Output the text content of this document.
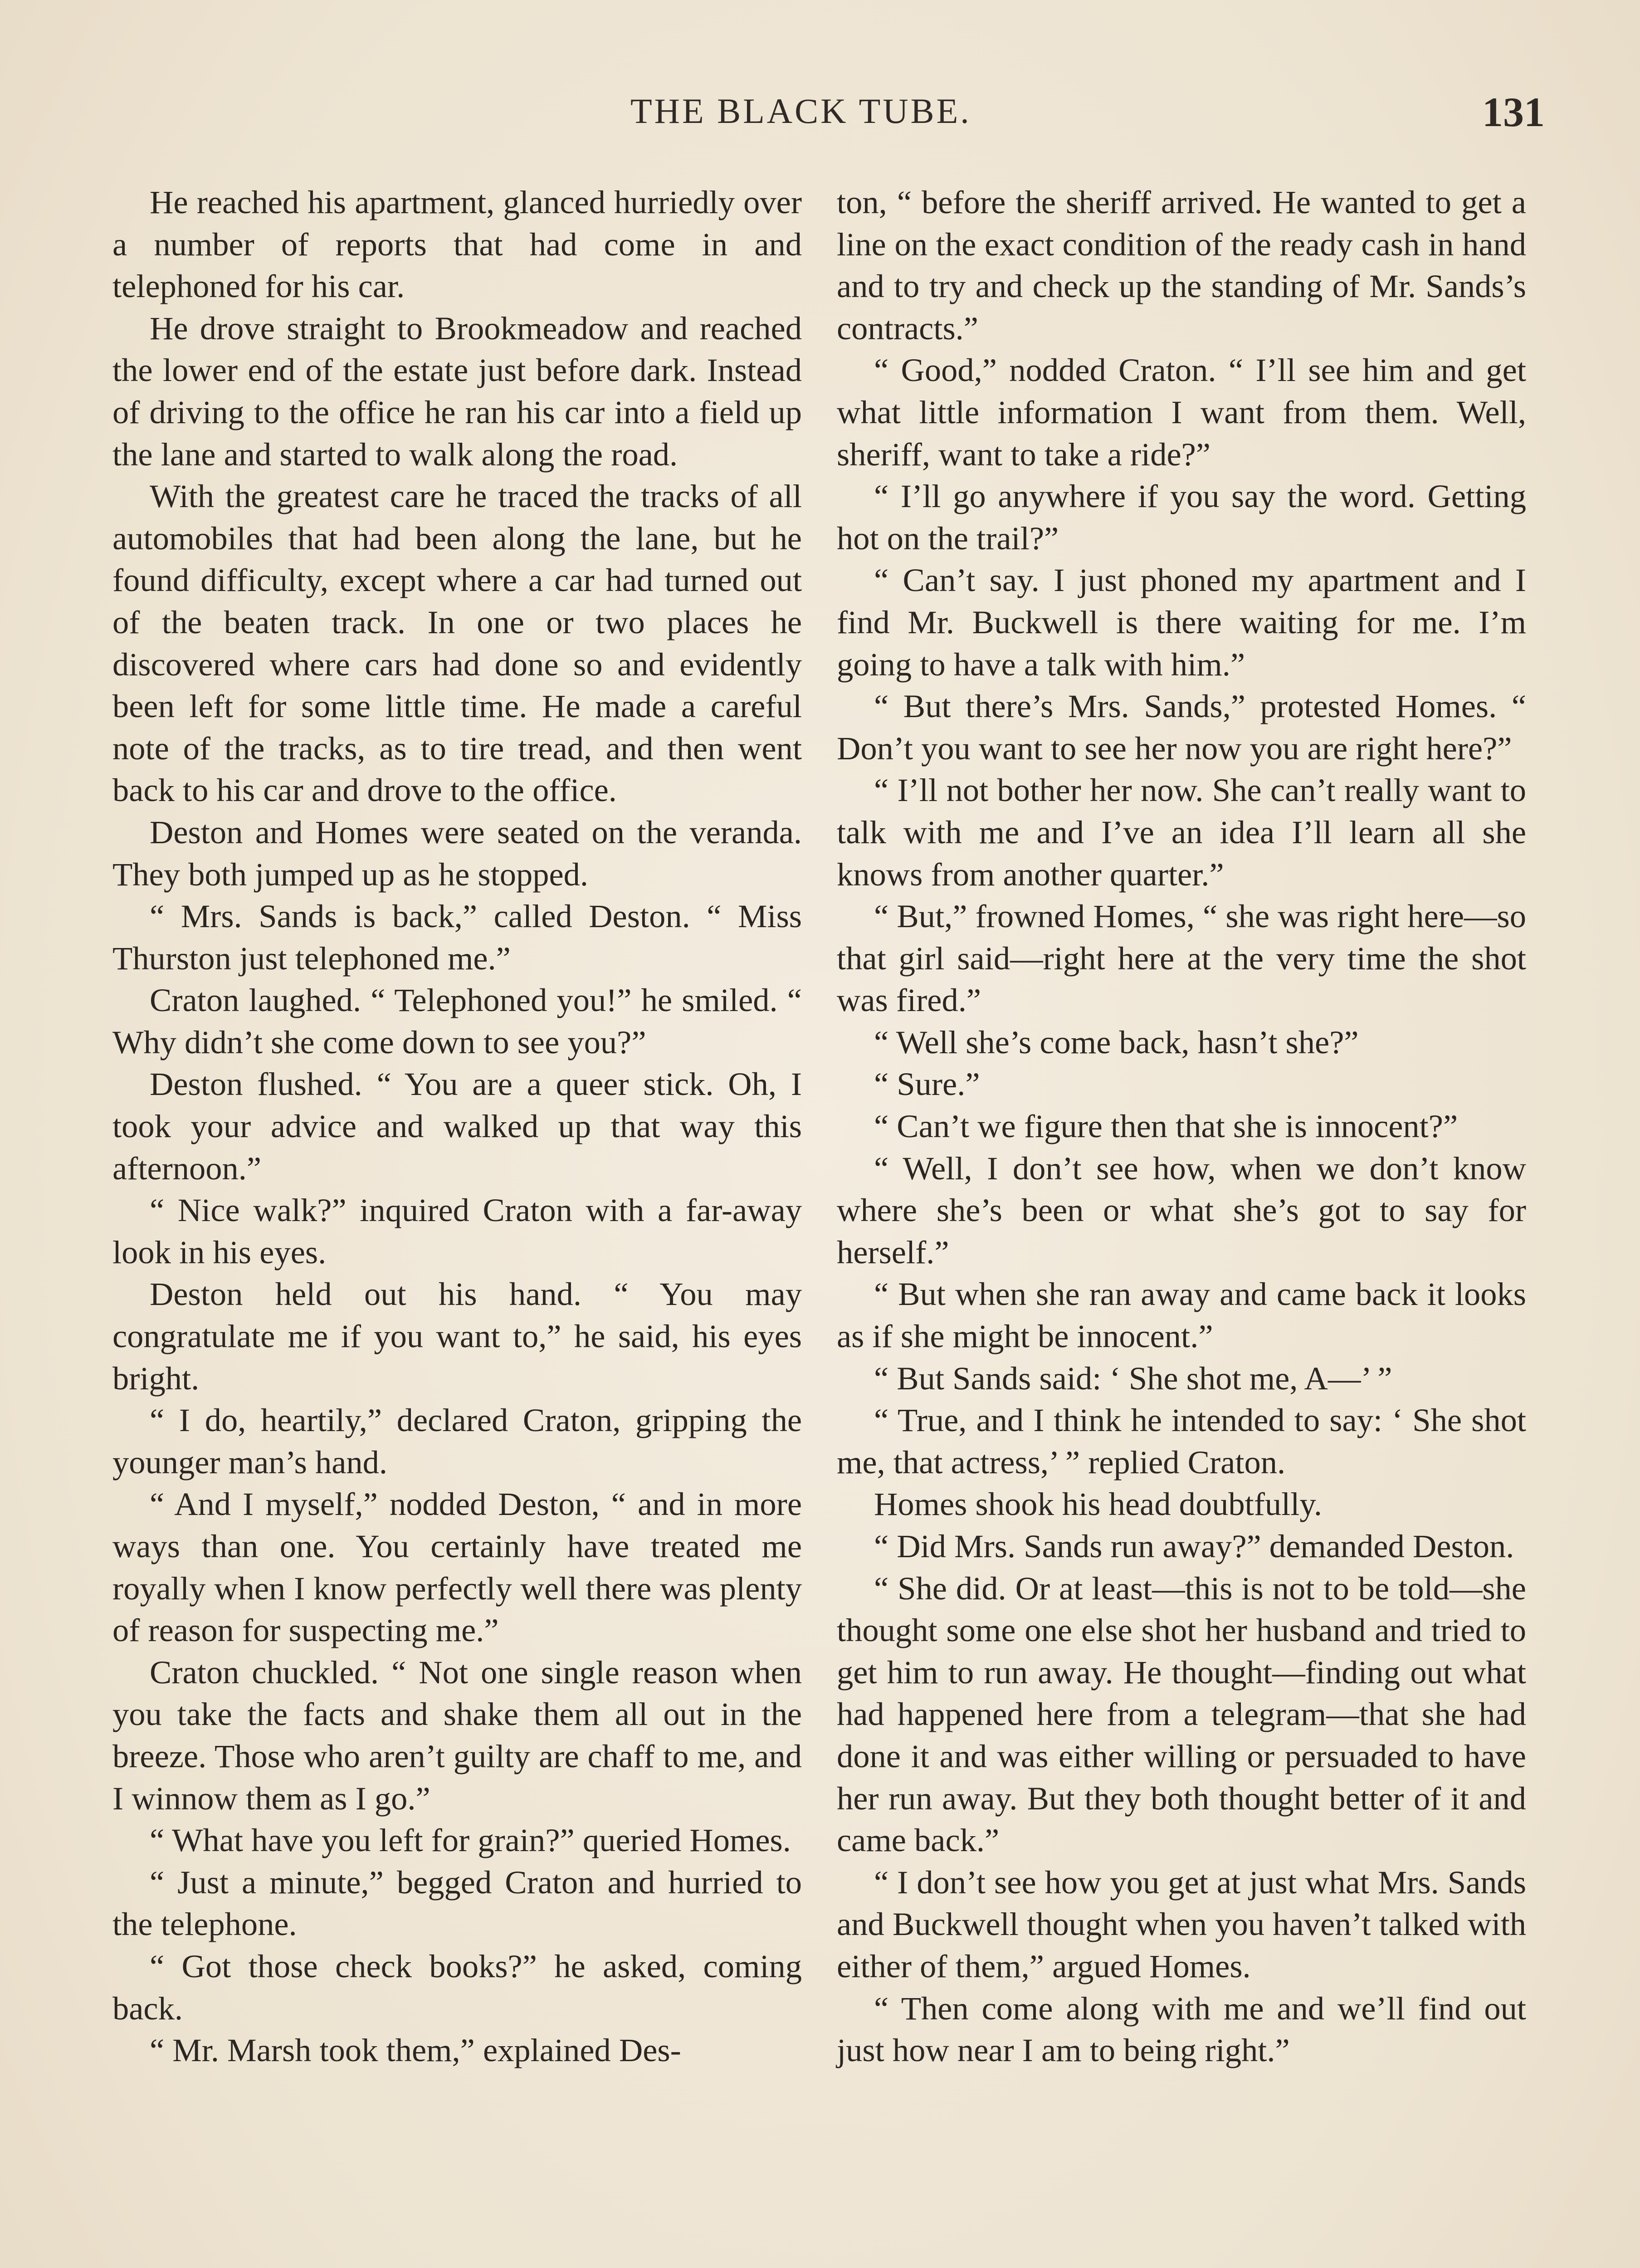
THE BLACK TUBE.	131

He reached his apartment, glanced hurriedly over a number of reports that had come in and telephoned for his car.

He drove straight to Brookmeadow and reached the lower end of the estate just before dark. Instead of driving to the office he ran his car into a field up the lane and started to walk along the road.

With the greatest care he traced the tracks of all automobiles that had been along the lane, but he found difficulty, except where a car had turned out of the beaten track. In one or two places he discovered where cars had done so and evidently been left for some little time. He made a careful note of the tracks, as to tire tread, and then went back to his car and drove to the office.

Deston and Homes were seated on the veranda. They both jumped up as he stopped.

“ Mrs. Sands is back,” called Deston. “ Miss Thurston just telephoned me.”

Craton laughed. “ Telephoned you!” he smiled. “ Why didn’t she come down to see you?”

Deston flushed. “ You are a queer stick. Oh, I took your advice and walked up that way this afternoon.”

“ Nice walk?” inquired Craton with a far-away look in his eyes.

Deston held out his hand. “ You may congratulate me if you want to,” he said, his eyes bright.

“ I do, heartily,” declared Craton, gripping the younger man’s hand.

“ And I myself,” nodded Deston, “ and in more ways than one. You certainly have treated me royally when I know perfectly well there was plenty of reason for suspecting me.”

Craton chuckled. “ Not one single reason when you take the facts and shake them all out in the breeze. Those who aren’t guilty are chaff to me, and I winnow them as I go.”

“ What have you left for grain?” queried Homes.

“ Just a minute,” begged Craton and hurried to the telephone.

“ Got those check books?” he asked, coming back.

“ Mr. Marsh took them,” explained Des-

ton, “ before the sheriff arrived. He wanted to get a line on the exact condition of the ready cash in hand and to try and check up the standing of Mr. Sands’s contracts.”

“ Good,” nodded Craton. “ I’ll see him and get what little information I want from them. Well, sheriff, want to take a ride?”

“ I’ll go anywhere if you say the word. Getting hot on the trail?”

“ Can’t say. I just phoned my apartment and I find Mr. Buckwell is there waiting for me. I’m going to have a talk with him.”

“ But there’s Mrs. Sands,” protested Homes. “ Don’t you want to see her now you are right here?”

“ I’ll not bother her now. She can’t really want to talk with me and I’ve an idea I’ll learn all she knows from another quarter.”

“ But,” frowned Homes, “ she was right here—so that girl said—right here at the very time the shot was fired.”

“ Well she’s come back, hasn’t she?”

“ Sure.”

“ Can’t we figure then that she is innocent?”

“ Well, I don’t see how, when we don’t know where she’s been or what she’s got to say for herself.”

“ But when she ran away and came back it looks as if she might be innocent.”

“ But Sands said: ‘ She shot me, A—’ ”

“ True, and I think he intended to say: ‘ She shot me, that actress,’ ” replied Craton.

Homes shook his head doubtfully.

“ Did Mrs. Sands run away?” demanded Deston.

“ She did. Or at least—this is not to be told—she thought some one else shot her husband and tried to get him to run away. He thought—finding out what had happened here from a telegram—that she had done it and was either willing or persuaded to have her run away. But they both thought better of it and came back.”

“ I don’t see how you get at just what Mrs. Sands and Buckwell thought when you haven’t talked with either of them,” argued Homes.

“ Then come along with me and we’ll find out just how near I am to being right.”
